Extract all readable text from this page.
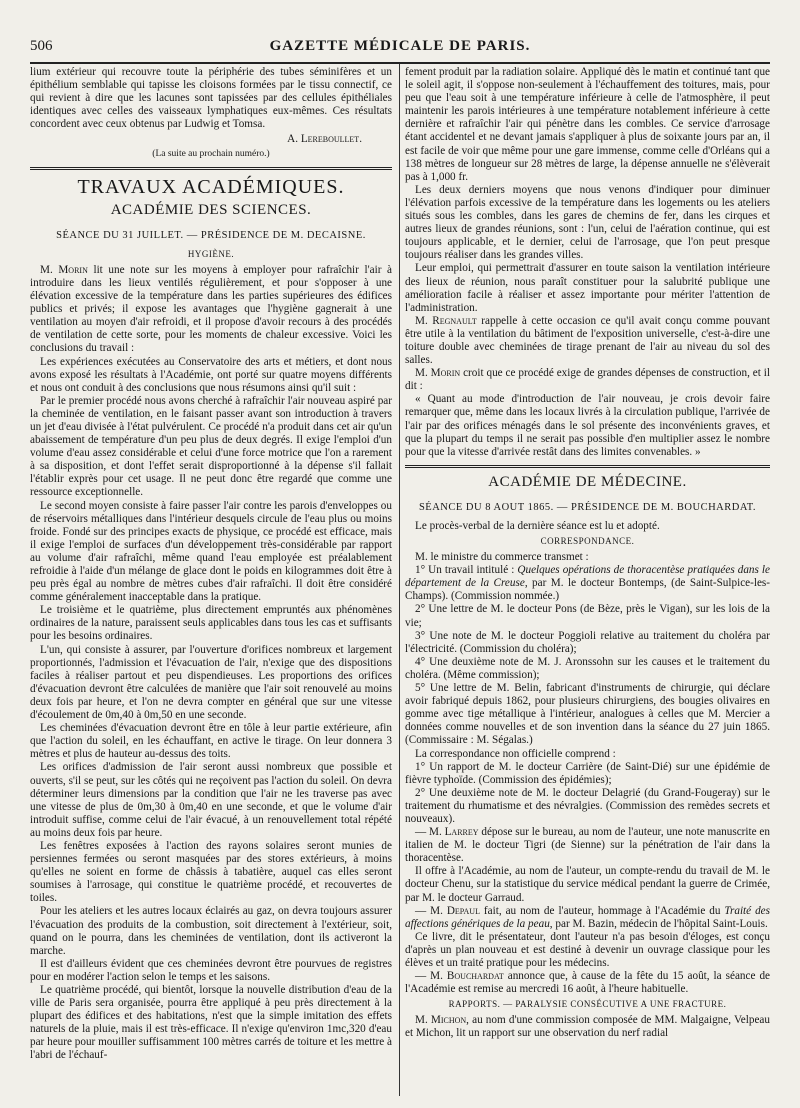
506	GAZETTE MÉDICALE DE PARIS.

lium extérieur qui recouvre toute la périphérie des tubes séminifères et un épithélium semblable qui tapisse les cloisons formées par le tissu connectif, ce qui revient à dire que les lacunes sont tapissées par des cellules épithéliales identiques avec celles des vaisseaux lymphatiques eux-mêmes. Ces résultats concordent avec ceux obtenus par Ludwig et Tomsa.

A. Lereboullet.

(La suite au prochain numéro.)

TRAVAUX ACADÉMIQUES.
ACADÉMIE DES SCIENCES.
SÉANCE DU 31 JUILLET. — PRÉSIDENCE DE M. DECAISNE.
HYGIÈNE.

M. Morin lit une note sur les moyens à employer pour rafraîchir l'air à introduire dans les lieux ventilés régulièrement, et pour s'opposer à une élévation excessive de la température dans les parties supérieures des édifices publics et privés; il expose les avantages que l'hygiène gagnerait à une ventilation au moyen d'air refroidi, et il propose d'avoir recours à des procédés de ventilation de cette sorte, pour les moments de chaleur excessive. Voici les conclusions du travail :

Les expériences exécutées au Conservatoire des arts et métiers, et dont nous avons exposé les résultats à l'Académie, ont porté sur quatre moyens différents et nous ont conduit à des conclusions que nous résumons ainsi qu'il suit :

Par le premier procédé nous avons cherché à rafraîchir l'air nouveau aspiré par la cheminée de ventilation, en le faisant passer avant son introduction à travers un jet d'eau divisée à l'état pulvérulent. Ce procédé n'a produit dans cet air qu'un abaissement de température d'un peu plus de deux degrés. Il exige l'emploi d'un volume d'eau assez considérable et celui d'une force motrice que l'on a rarement à sa disposition, et dont l'effet serait disproportionné à la dépense s'il fallait l'établir exprès pour cet usage. Il ne peut donc être regardé que comme une ressource exceptionnelle.

Le second moyen consiste à faire passer l'air contre les parois d'enveloppes ou de réservoirs métalliques dans l'intérieur desquels circule de l'eau plus ou moins froide. Fondé sur des principes exacts de physique, ce procédé est efficace, mais il exige l'emploi de surfaces d'un développement très-considérable par rapport au volume d'air rafraîchi, même quand l'eau employée est préalablement refroidie à l'aide d'un mélange de glace dont le poids en kilogrammes doit être à peu près égal au nombre de mètres cubes d'air rafraîchi. Il doit être considéré comme généralement inacceptable dans la pratique.

Le troisième et le quatrième, plus directement empruntés aux phénomènes ordinaires de la nature, paraissent seuls applicables dans tous les cas et suffisants pour les besoins ordinaires.

L'un, qui consiste à assurer, par l'ouverture d'orifices nombreux et largement proportionnés, l'admission et l'évacuation de l'air, n'exige que des dispositions faciles à réaliser partout et peu dispendieuses. Les proportions des orifices d'évacuation devront être calculées de manière que l'air soit renouvelé au moins deux fois par heure, et l'on ne devra compter en général que sur une vitesse d'écoulement de 0m,40 à 0m,50 en une seconde.

Les cheminées d'évacuation devront être en tôle à leur partie extérieure, afin que l'action du soleil, en les échauffant, en active le tirage. On leur donnera 3 mètres et plus de hauteur au-dessus des toits.

Les orifices d'admission de l'air seront aussi nombreux que possible et ouverts, s'il se peut, sur les côtés qui ne reçoivent pas l'action du soleil. On devra déterminer leurs dimensions par la condition que l'air ne les traverse pas avec une vitesse de plus de 0m,30 à 0m,40 en une seconde, et que le volume d'air introduit suffise, comme celui de l'air évacué, à un renouvellement total répété au moins deux fois par heure.

Les fenêtres exposées à l'action des rayons solaires seront munies de persiennes fermées ou seront masquées par des stores extérieurs, à moins qu'elles ne soient en forme de châssis à tabatière, auquel cas elles seront soumises à l'arrosage, qui constitue le quatrième procédé, et recouvertes de toiles.

Pour les ateliers et les autres locaux éclairés au gaz, on devra toujours assurer l'évacuation des produits de la combustion, soit directement à l'extérieur, soit, quand on le pourra, dans les cheminées de ventilation, dont ils activeront la marche.

Il est d'ailleurs évident que ces cheminées devront être pourvues de registres pour en modérer l'action selon le temps et les saisons.

Le quatrième procédé, qui bientôt, lorsque la nouvelle distribution d'eau de la ville de Paris sera organisée, pourra être appliqué à peu près directement à la plupart des édifices et des habitations, n'est que la simple imitation des effets naturels de la pluie, mais il est très-efficace. Il n'exige qu'environ 1mc,320 d'eau par heure pour mouiller suffisamment 100 mètres carrés de toiture et les mettre à l'abri de l'échauf-

fement produit par la radiation solaire. Appliqué dès le matin et continué tant que le soleil agit, il s'oppose non-seulement à l'échauffement des toitures, mais, pour peu que l'eau soit à une température inférieure à celle de l'atmosphère, il peut maintenir les parois intérieures à une température notablement inférieure à cette dernière et rafraîchir l'air qui pénètre dans les combles. Ce service d'arrosage étant accidentel et ne devant jamais s'appliquer à plus de soixante jours par an, il est facile de voir que même pour une gare immense, comme celle d'Orléans qui a 138 mètres de longueur sur 28 mètres de large, la dépense annuelle ne s'élèverait pas à 1,000 fr.

Les deux derniers moyens que nous venons d'indiquer pour diminuer l'élévation parfois excessive de la température dans les logements ou les ateliers situés sous les combles, dans les gares de chemins de fer, dans les cirques et autres lieux de grandes réunions, sont : l'un, celui de l'aération continue, qui est toujours applicable, et le dernier, celui de l'arrosage, que l'on peut presque toujours réaliser dans les grandes villes.

Leur emploi, qui permettrait d'assurer en toute saison la ventilation intérieure des lieux de réunion, nous paraît constituer pour la salubrité publique une amélioration facile à réaliser et assez importante pour mériter l'attention de l'administration.

M. Regnault rappelle à cette occasion ce qu'il avait conçu comme pouvant être utile à la ventilation du bâtiment de l'exposition universelle, c'est-à-dire une toiture double avec cheminées de tirage prenant de l'air au niveau du sol des salles.

M. Morin croit que ce procédé exige de grandes dépenses de construction, et il dit :

« Quant au mode d'introduction de l'air nouveau, je crois devoir faire remarquer que, même dans les locaux livrés à la circulation publique, l'arrivée de l'air par des orifices ménagés dans le sol présente des inconvénients graves, et que la plupart du temps il ne serait pas possible d'en multiplier assez le nombre pour que la vitesse d'arrivée restât dans des limites convenables. »

ACADÉMIE DE MÉDECINE.
SÉANCE DU 8 AOUT 1865. — PRÉSIDENCE DE M. BOUCHARDAT.

Le procès-verbal de la dernière séance est lu et adopté.

CORRESPONDANCE.

M. le ministre du commerce transmet :

1° Un travail intitulé : Quelques opérations de thoracentèse pratiquées dans le département de la Creuse, par M. le docteur Bontemps, (de Saint-Sulpice-les-Champs). (Commission nommée.)

2° Une lettre de M. le docteur Pons (de Bèze, près le Vigan), sur les lois de la vie;

3° Une note de M. le docteur Poggioli relative au traitement du choléra par l'électricité. (Commission du choléra);

4° Une deuxième note de M. J. Aronssohn sur les causes et le traitement du choléra. (Même commission);

5° Une lettre de M. Belin, fabricant d'instruments de chirurgie, qui déclare avoir fabriqué depuis 1862, pour plusieurs chirurgiens, des bougies olivaires en gomme avec tige métallique à l'intérieur, analogues à celles que M. Mercier a données comme nouvelles et de son invention dans la séance du 27 juin 1865. (Commissaire : M. Ségalas.)

La correspondance non officielle comprend :

1° Un rapport de M. le docteur Carrière (de Saint-Dié) sur une épidémie de fièvre typhoïde. (Commission des épidémies);

2° Une deuxième note de M. le docteur Delagrié (du Grand-Fougeray) sur le traitement du rhumatisme et des névralgies. (Commission des remèdes secrets et nouveaux).

— M. Larrey dépose sur le bureau, au nom de l'auteur, une note manuscrite en italien de M. le docteur Tigri (de Sienne) sur la pénétration de l'air dans la thoracentèse.

Il offre à l'Académie, au nom de l'auteur, un compte-rendu du travail de M. le docteur Chenu, sur la statistique du service médical pendant la guerre de Crimée, par M. le docteur Garraud.

— M. Depaul fait, au nom de l'auteur, hommage à l'Académie du Traité des affections génériques de la peau, par M. Bazin, médecin de l'hôpital Saint-Louis.

Ce livre, dit le présentateur, dont l'auteur n'a pas besoin d'éloges, est conçu d'après un plan nouveau et est destiné à devenir un ouvrage classique pour les élèves et un traité pratique pour les médecins.

— M. Bouchardat annonce que, à cause de la fête du 15 août, la séance de l'Académie est remise au mercredi 16 août, à l'heure habituelle.

RAPPORTS. — PARALYSIE CONSÉCUTIVE A UNE FRACTURE.

M. Michon, au nom d'une commission composée de MM. Malgaigne, Velpeau et Michon, lit un rapport sur une observation du nerf radial
